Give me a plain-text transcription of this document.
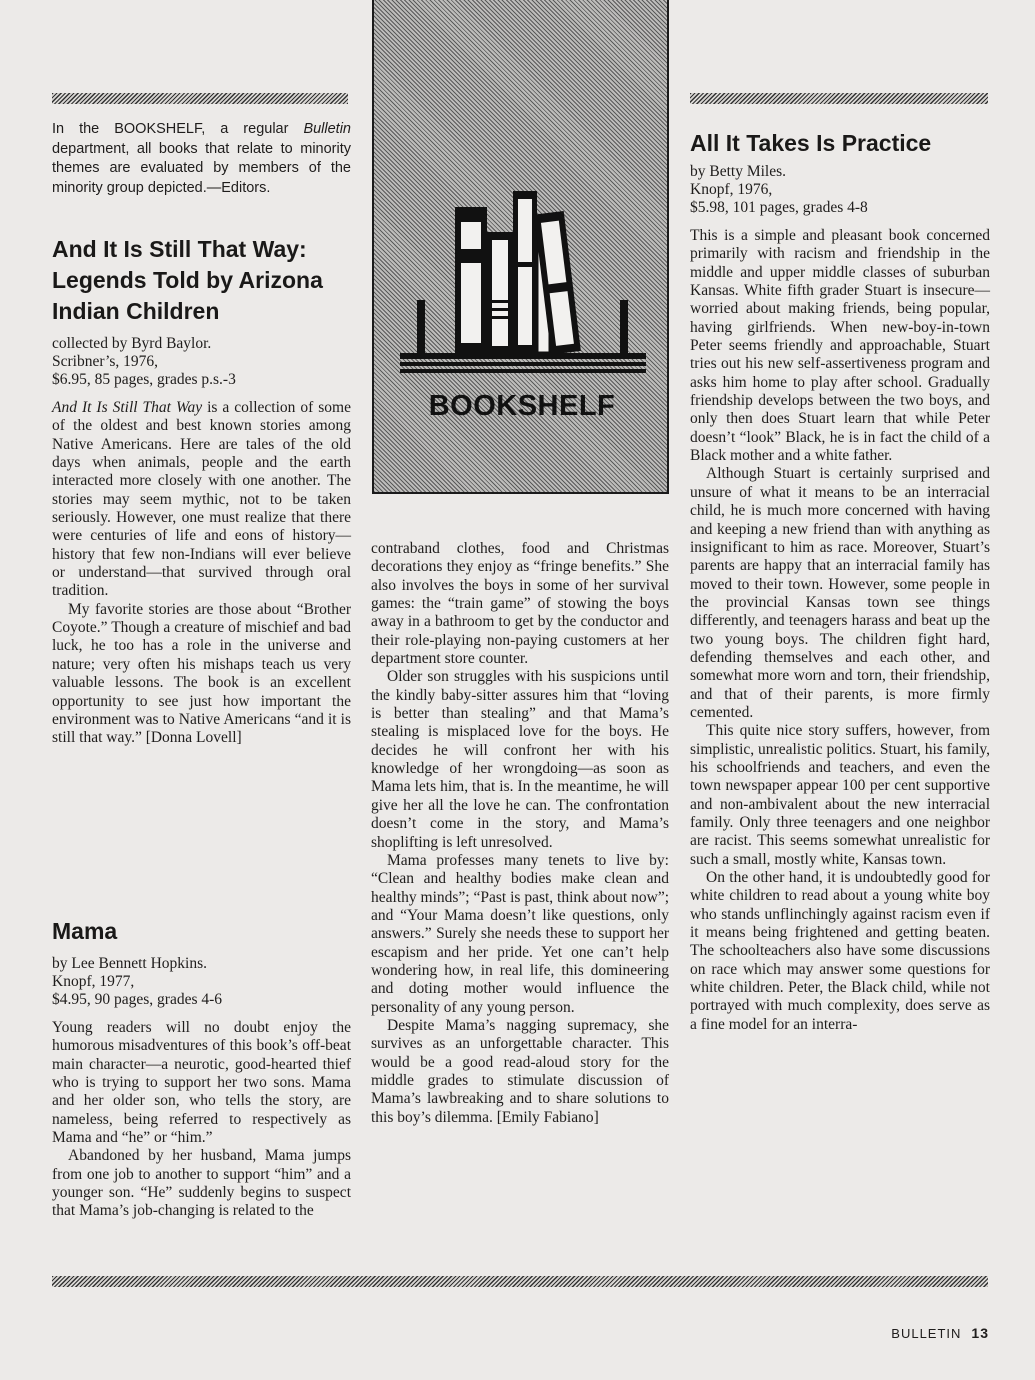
In the BOOKSHELF, a regular Bulletin department, all books that relate to minority themes are evaluated by members of the minority group depicted.—Editors.

And It Is Still That Way: Legends Told by Arizona Indian Children
collected by Byrd Baylor.
Scribner’s, 1976,
$6.95, 85 pages, grades p.s.-3

And It Is Still That Way is a collection of some of the oldest and best known stories among Native Americans. Here are tales of the old days when animals, people and the earth interacted more closely with one another. The stories may seem mythic, not to be taken seriously. However, one must realize that there were centuries of life and eons of history—history that few non-Indians will ever believe or understand—that survived through oral tradition.

My favorite stories are those about “Brother Coyote.” Though a creature of mischief and bad luck, he too has a role in the universe and nature; very often his mishaps teach us very valuable lessons. The book is an excellent opportunity to see just how important the environment was to Native Americans “and it is still that way.” [Donna Lovell]

Mama
by Lee Bennett Hopkins.
Knopf, 1977,
$4.95, 90 pages, grades 4-6

Young readers will no doubt enjoy the humorous misadventures of this book’s off-beat main character—a neurotic, good-hearted thief who is trying to support her two sons. Mama and her older son, who tells the story, are nameless, being referred to respectively as Mama and “he” or “him.”

Abandoned by her husband, Mama jumps from one job to another to support “him” and a younger son. “He” suddenly begins to suspect that Mama’s job-changing is related to the

BOOKSHELF

contraband clothes, food and Christmas decorations they enjoy as “fringe benefits.” She also involves the boys in some of her survival games: the “train game” of stowing the boys away in a bathroom to get by the conductor and their role-playing non-paying customers at her department store counter.

Older son struggles with his suspicions until the kindly baby-sitter assures him that “loving is better than stealing” and that Mama’s stealing is misplaced love for the boys. He decides he will confront her with his knowledge of her wrongdoing—as soon as Mama lets him, that is. In the meantime, he will give her all the love he can. The confrontation doesn’t come in the story, and Mama’s shoplifting is left unresolved.

Mama professes many tenets to live by: “Clean and healthy bodies make clean and healthy minds”; “Past is past, think about now”; and “Your Mama doesn’t like questions, only answers.” Surely she needs these to support her escapism and her pride. Yet one can’t help wondering how, in real life, this domineering and doting mother would influence the personality of any young person.

Despite Mama’s nagging supremacy, she survives as an unforgettable character. This would be a good read-aloud story for the middle grades to stimulate discussion of Mama’s lawbreaking and to share solutions to this boy’s dilemma. [Emily Fabiano]

All It Takes Is Practice
by Betty Miles.
Knopf, 1976,
$5.98, 101 pages, grades 4-8

This is a simple and pleasant book concerned primarily with racism and friendship in the middle and upper middle classes of suburban Kansas. White fifth grader Stuart is insecure—worried about making friends, being popular, having girlfriends. When new-boy-in-town Peter seems friendly and approachable, Stuart tries out his new self-assertiveness program and asks him home to play after school. Gradually friendship develops between the two boys, and only then does Stuart learn that while Peter doesn’t “look” Black, he is in fact the child of a Black mother and a white father.

Although Stuart is certainly surprised and unsure of what it means to be an interracial child, he is much more concerned with having and keeping a new friend than with anything as insignificant to him as race. Moreover, Stuart’s parents are happy that an interracial family has moved to their town. However, some people in the provincial Kansas town see things differently, and teenagers harass and beat up the two young boys. The children fight hard, defending themselves and each other, and somewhat more worn and torn, their friendship, and that of their parents, is more firmly cemented.

This quite nice story suffers, however, from simplistic, unrealistic politics. Stuart, his family, his schoolfriends and teachers, and even the town newspaper appear 100 per cent supportive and non-ambivalent about the new interracial family. Only three teenagers and one neighbor are racist. This seems somewhat unrealistic for such a small, mostly white, Kansas town.

On the other hand, it is undoubtedly good for white children to read about a young white boy who stands unflinchingly against racism even if it means being frightened and getting beaten. The schoolteachers also have some discussions on race which may answer some questions for white children. Peter, the Black child, while not portrayed with much complexity, does serve as a fine model for an interra-

BULLETIN 13
